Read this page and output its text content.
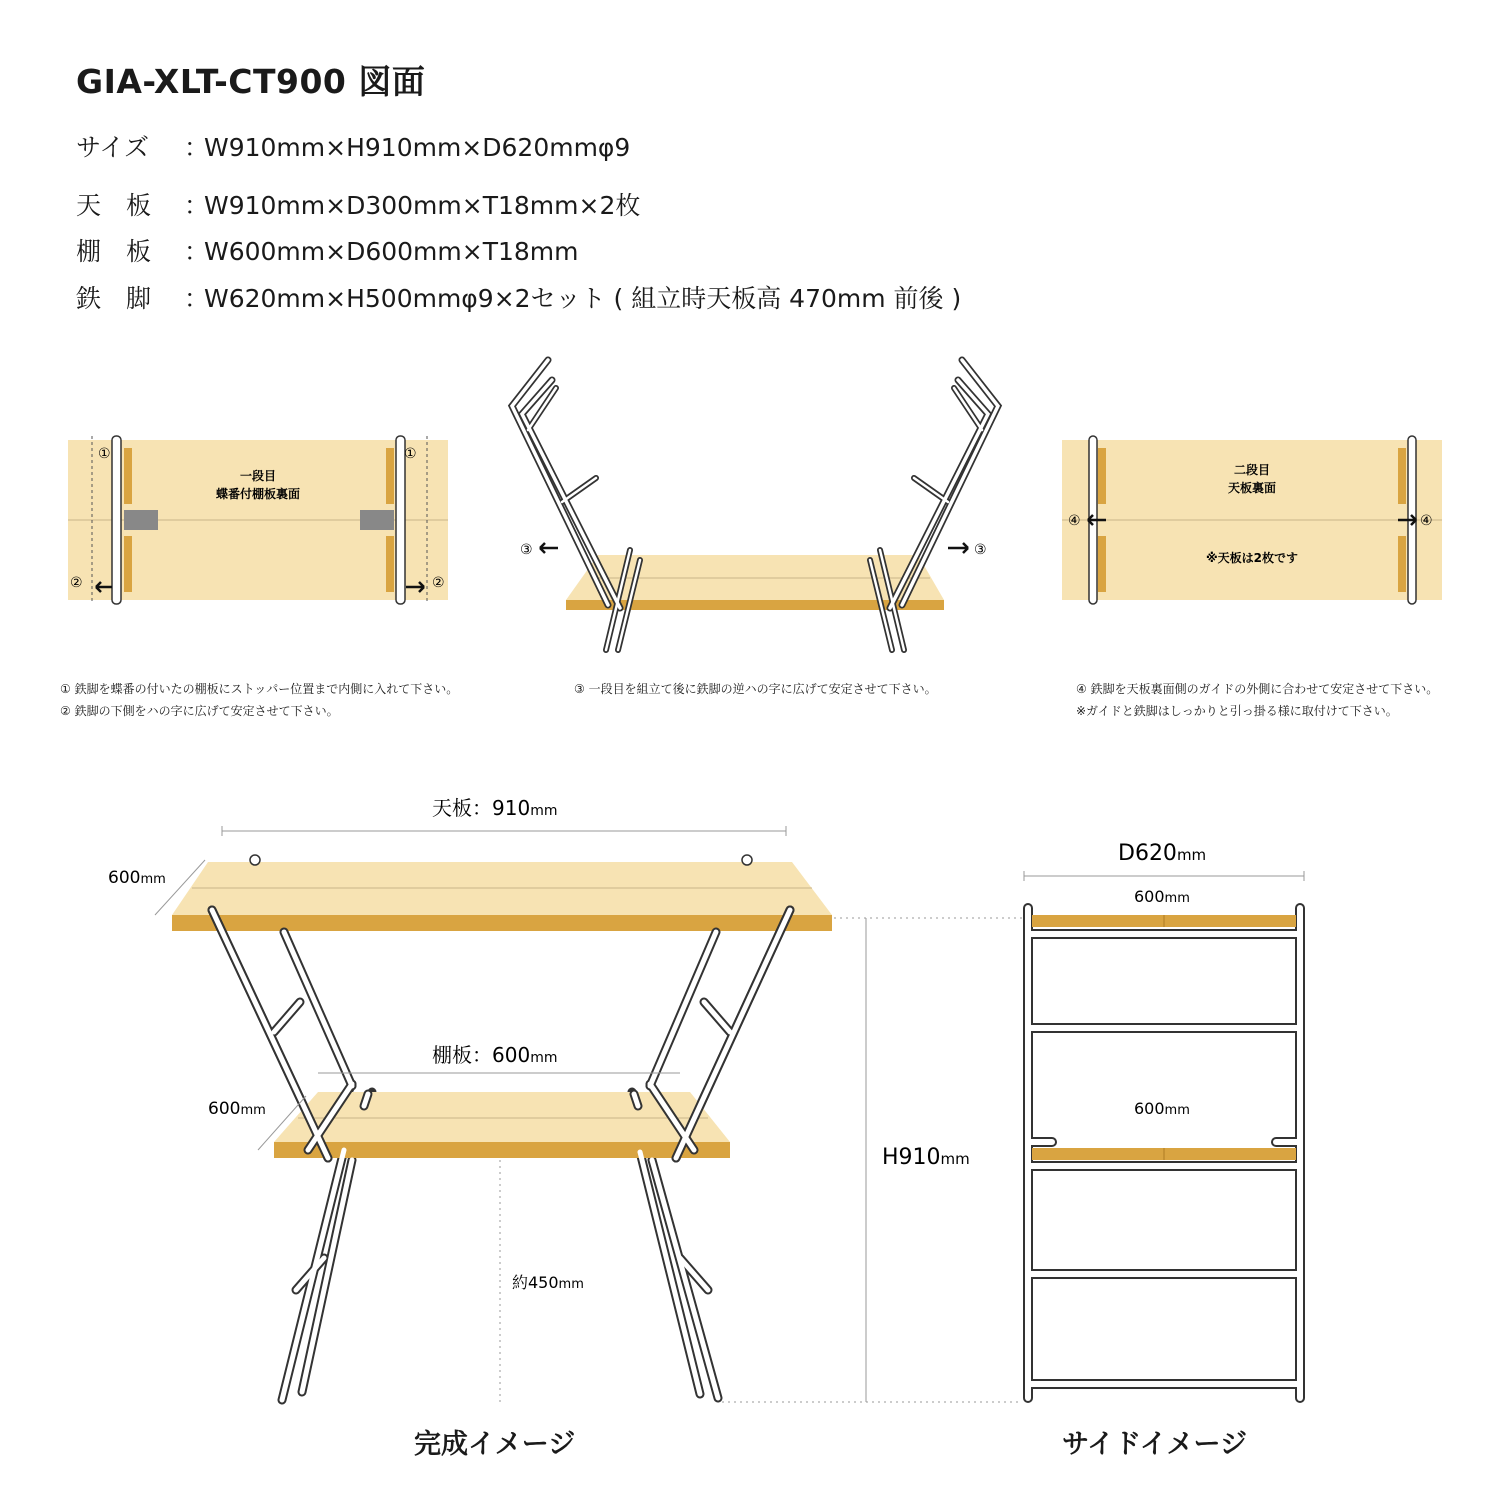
GIA-XLT-CT900 図面
サイズ ：W910mm×H910mm×D620mmφ9
天　板 ：W910mm×D300mm×T18mm×2枚
棚　板 ：W600mm×D600mm×T18mm
鉄　脚 ：W620mm×H500mmφ9×2セット ( 組立時天板高 470mm 前後 )
①	①
②	②
一段目
蝶番付棚板裏面
③	③
二段目
天板裏面
※天板は2枚です
④	④
天板：910mm
600mm
棚板：600mm
600mm
約450mm
H910mm
D620mm
600mm
600mm
① 鉄脚を蝶番の付いたの棚板にストッパー位置まで内側に入れて下さい。
② 鉄脚の下側をハの字に広げて安定させて下さい。
③ 一段目を組立て後に鉄脚の逆ハの字に広げて安定させて下さい。	④ 鉄脚を天板裏面側のガイドの外側に合わせて安定させて下さい。
※ガイドと鉄脚はしっかりと引っ掛る様に取付けて下さい。
完成イメージ	サイドイメージ
